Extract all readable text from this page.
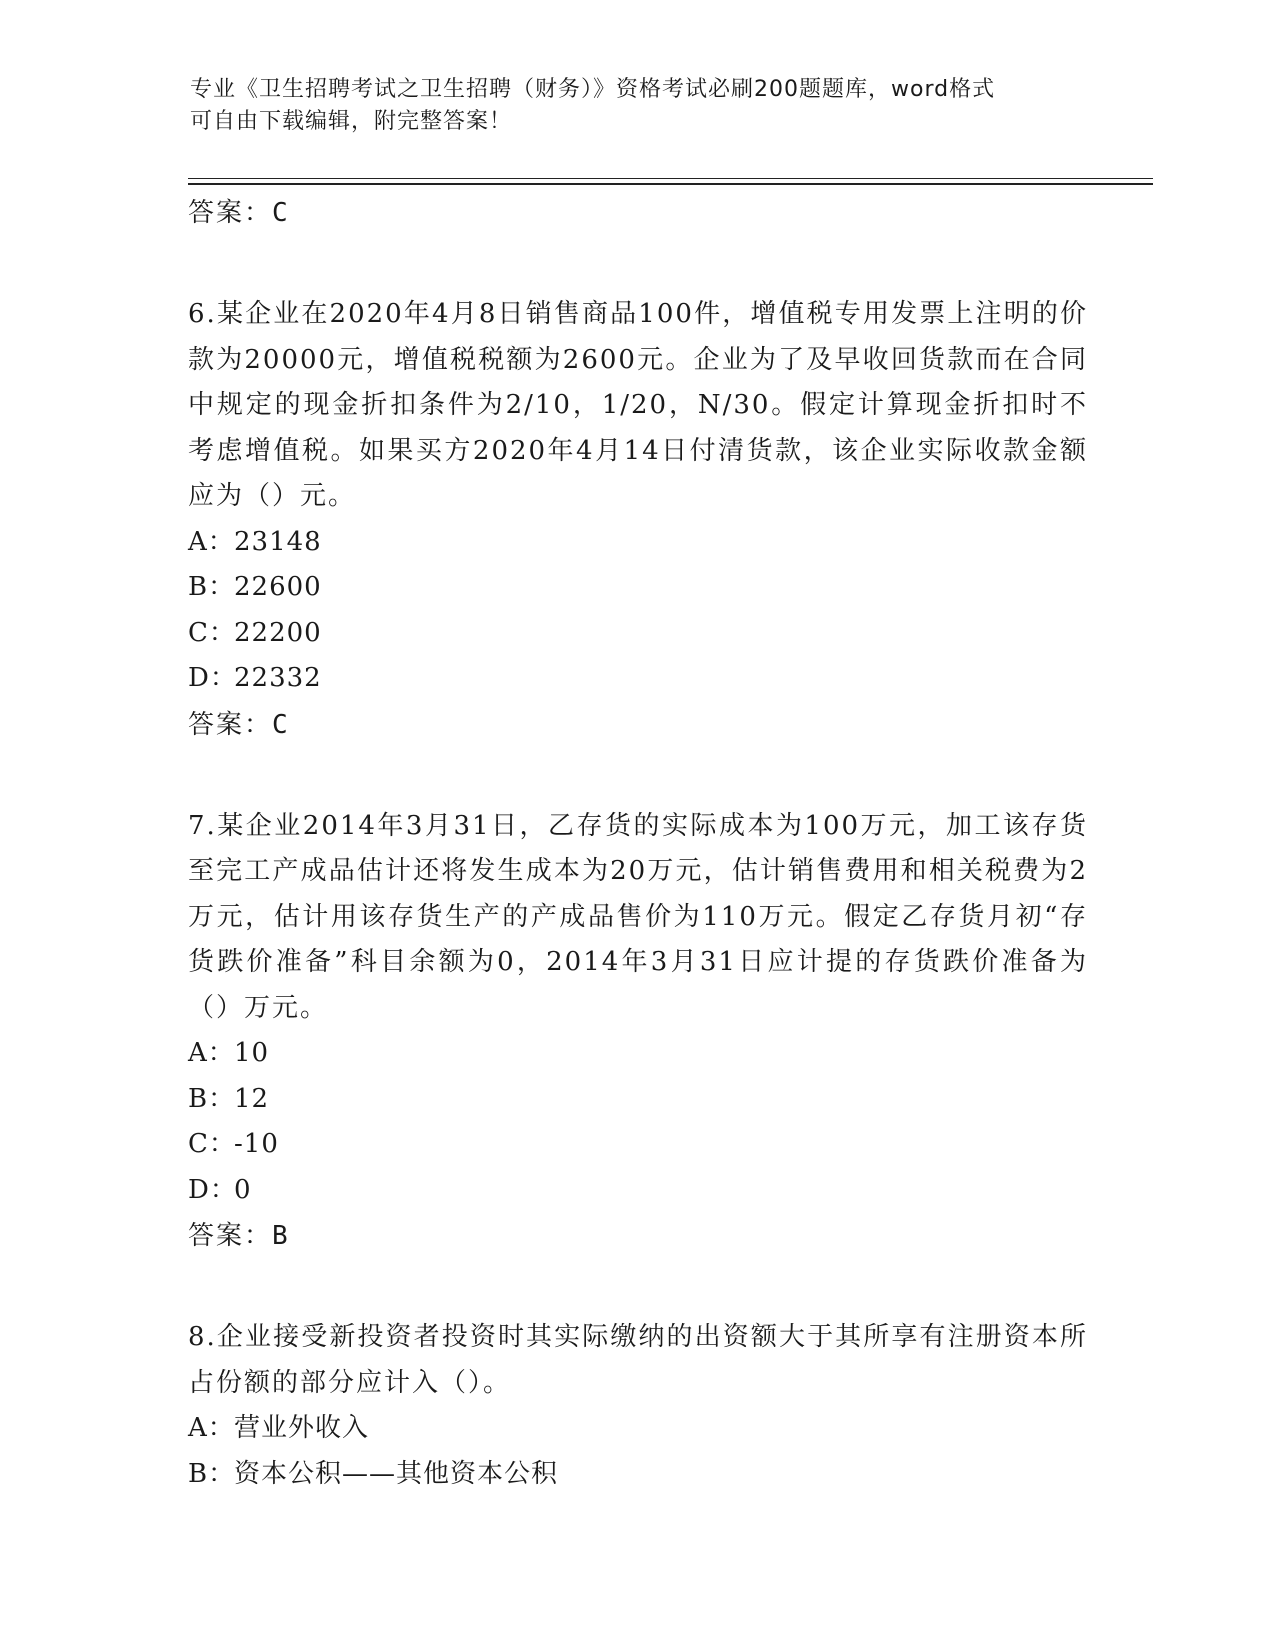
专业《卫生招聘考试之卫生招聘（财务）》资格考试必刷200题题库，word格式
可自由下载编辑，附完整答案！
答案：C
6.某企业在2020年4月8日销售商品100件，增值税专用发票上注明的价款为20000元，增值税税额为2600元。企业为了及早收回货款而在合同中规定的现金折扣条件为2/10，1/20，N/30。假定计算现金折扣时不考虑增值税。如果买方2020年4月14日付清货款，该企业实际收款金额应为（）元。
A：23148
B：22600
C：22200
D：22332
答案：C
7.某企业2014年3月31日，乙存货的实际成本为100万元，加工该存货至完工产成品估计还将发生成本为20万元，估计销售费用和相关税费为2万元，估计用该存货生产的产成品售价为110万元。假定乙存货月初“存货跌价准备”科目余额为0，2014年3月31日应计提的存货跌价准备为（）万元。
A：10
B：12
C：-10
D：0
答案：B
8.企业接受新投资者投资时其实际缴纳的出资额大于其所享有注册资本所占份额的部分应计入（）。
A：营业外收入
B：资本公积——其他资本公积
